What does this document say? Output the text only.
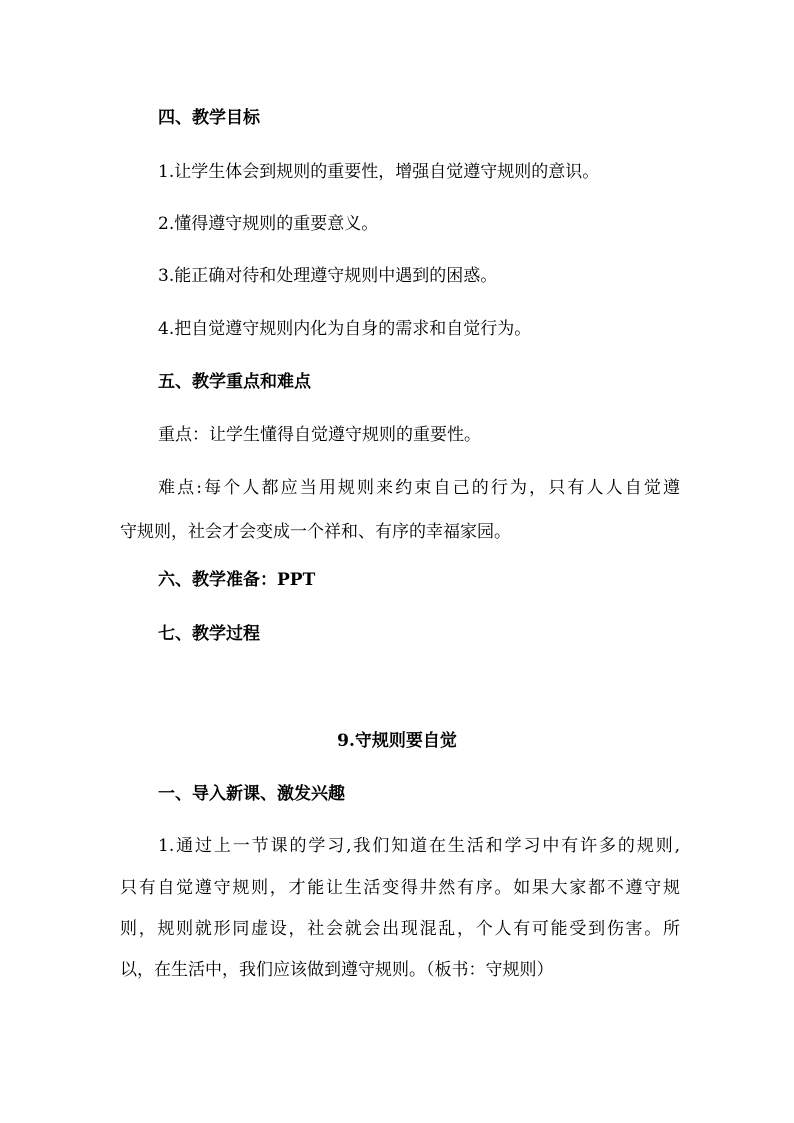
四、教学目标
1.让学生体会到规则的重要性，增强自觉遵守规则的意识。
2.懂得遵守规则的重要意义。
3.能正确对待和处理遵守规则中遇到的困惑。
4.把自觉遵守规则内化为自身的需求和自觉行为。
五、教学重点和难点
重点：让学生懂得自觉遵守规则的重要性。
难点:每个人都应当用规则来约束自己的行为，只有人人自觉遵
守规则，社会才会变成一个祥和、有序的幸福家园。
六、教学准备：PPT
七、教学过程
9.守规则要自觉
一、导入新课、激发兴趣
1.通过上一节课的学习,我们知道在生活和学习中有许多的规则,
只有自觉遵守规则，才能让生活变得井然有序。如果大家都不遵守规
则，规则就形同虚设，社会就会出现混乱，个人有可能受到伤害。所
以，在生活中，我们应该做到遵守规则。（板书：守规则）
